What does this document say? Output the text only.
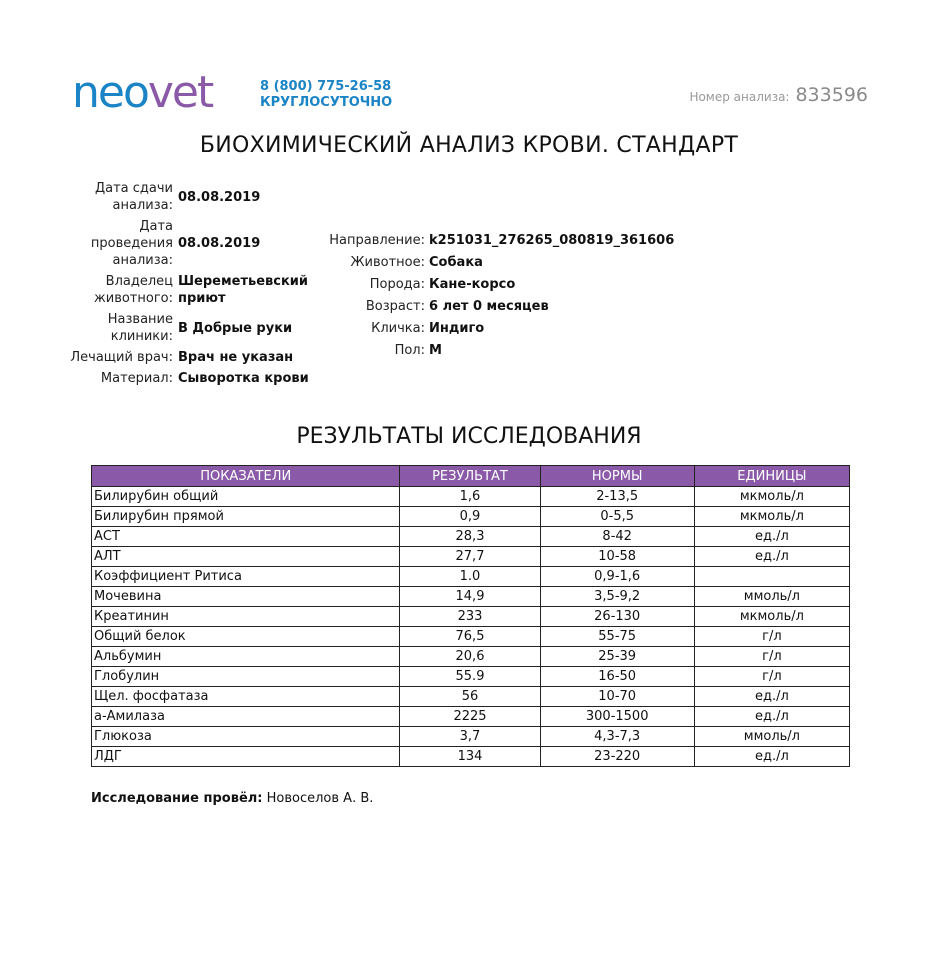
neovet	8 (800) 775-26-58
КРУГЛОСУТОЧНО	Номер анализа: 833596
БИОХИМИЧЕСКИЙ АНАЛИЗ КРОВИ. СТАНДАРТ
Дата сдачи анализа:
08.08.2019
Дата проведения анализа:
08.08.2019
Владелец животного:
Шереметьевский приют
Название клиники:
В Добрые руки
Лечащий врач: Врач не указан
Материал: Сыворотка крови
Направление: k251031_276265_080819_361606
Животное: Собака
Порода: Кане-корсо
Возраст: 6 лет 0 месяцев
Кличка: Индиго
Пол: М
РЕЗУЛЬТАТЫ ИССЛЕДОВАНИЯ
ПОКАЗАТЕЛИ	РЕЗУЛЬТАТ	НОРМЫ	ЕДИНИЦЫ
Билирубин общий	1,6	2-13,5	мкмоль/л
Билирубин прямой	0,9	0-5,5	мкмоль/л
АСТ	28,3	8-42	ед./л
АЛТ	27,7	10-58	ед./л
Коэффициент Ритиса	1.0	0,9-1,6	
Мочевина	14,9	3,5-9,2	ммоль/л
Креатинин	233	26-130	мкмоль/л
Общий белок	76,5	55-75	г/л
Альбумин	20,6	25-39	г/л
Глобулин	55.9	16-50	г/л
Щел. фосфатаза	56	10-70	ед./л
а-Амилаза	2225	300-1500	ед./л
Глюкоза	3,7	4,3-7,3	ммоль/л
ЛДГ	134	23-220	ед./л
Исследование провёл: Новоселов А. В.
